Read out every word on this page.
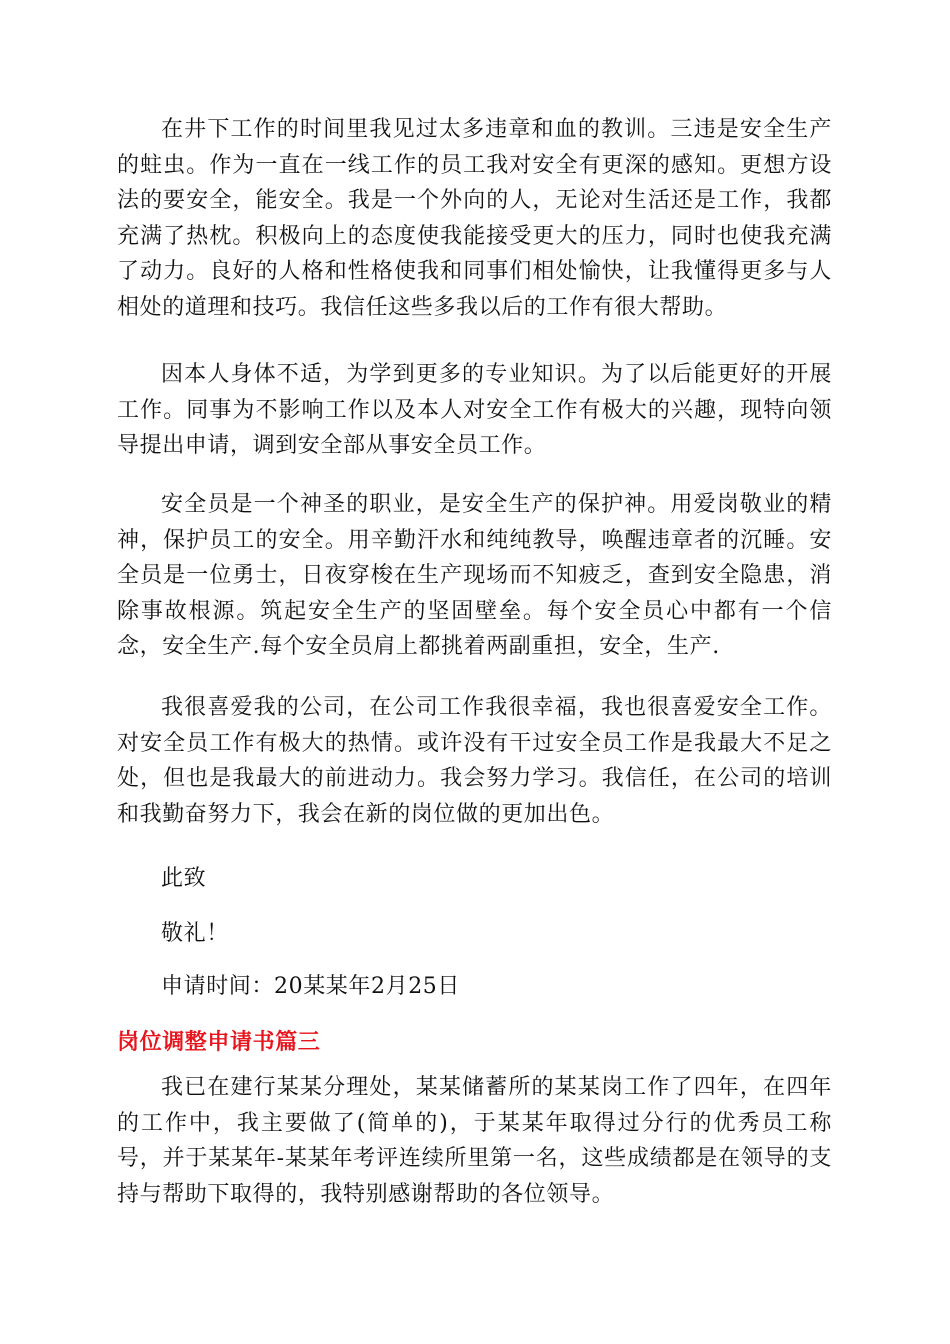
在井下工作的时间里我见过太多违章和血的教训。三违是安全生产的蛀虫。作为一直在一线工作的员工我对安全有更深的感知。更想方设法的要安全，能安全。我是一个外向的人，无论对生活还是工作，我都充满了热枕。积极向上的态度使我能接受更大的压力，同时也使我充满了动力。良好的人格和性格使我和同事们相处愉快，让我懂得更多与人相处的道理和技巧。我信任这些多我以后的工作有很大帮助。

因本人身体不适，为学到更多的专业知识。为了以后能更好的开展工作。同事为不影响工作以及本人对安全工作有极大的兴趣，现特向领导提出申请，调到安全部从事安全员工作。

安全员是一个神圣的职业，是安全生产的保护神。用爱岗敬业的精神，保护员工的安全。用辛勤汗水和纯纯教导，唤醒违章者的沉睡。安全员是一位勇士，日夜穿梭在生产现场而不知疲乏，查到安全隐患，消除事故根源。筑起安全生产的坚固壁垒。每个安全员心中都有一个信念，安全生产.每个安全员肩上都挑着两副重担，安全，生产.

我很喜爱我的公司，在公司工作我很幸福，我也很喜爱安全工作。对安全员工作有极大的热情。或许没有干过安全员工作是我最大不足之处，但也是我最大的前进动力。我会努力学习。我信任，在公司的培训和我勤奋努力下，我会在新的岗位做的更加出色。

此致

敬礼！

申请时间：20某某年2月25日

岗位调整申请书篇三

我已在建行某某分理处，某某储蓄所的某某岗工作了四年，在四年的工作中，我主要做了(简单的)，于某某年取得过分行的优秀员工称号，并于某某年-某某年考评连续所里第一名，这些成绩都是在领导的支持与帮助下取得的，我特别感谢帮助的各位领导。
